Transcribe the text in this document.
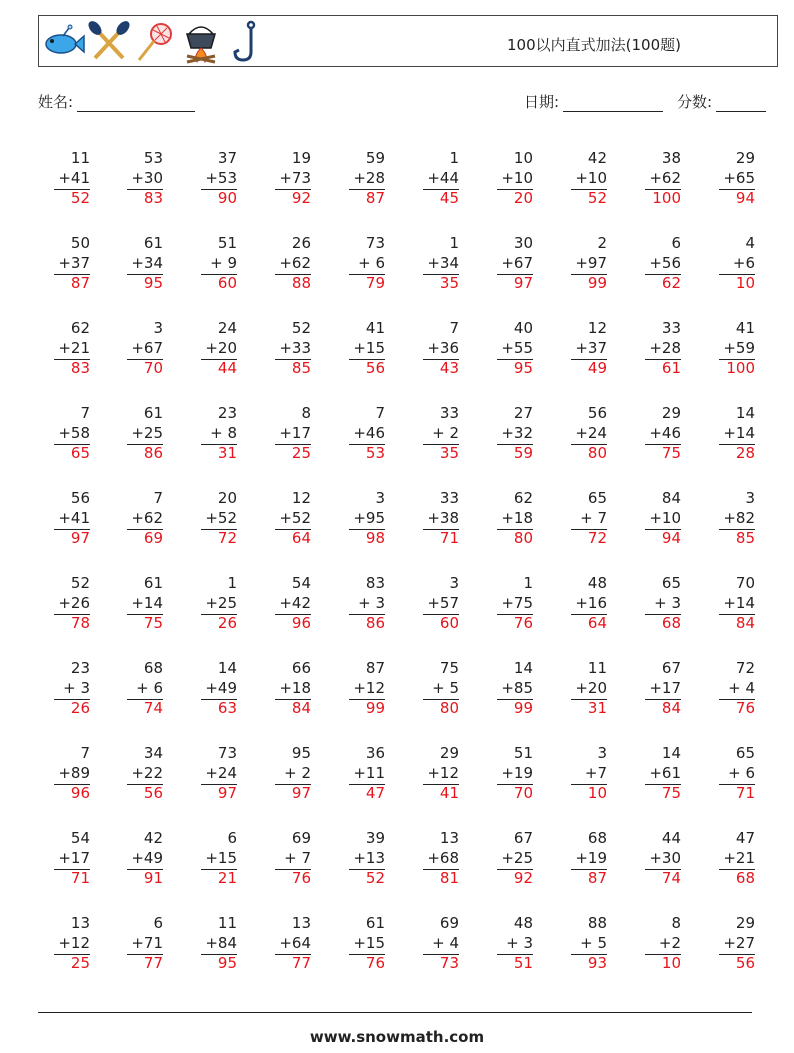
100以内直式加法(100题)
姓名:	日期:	分数:
11
+41
52
53
+30
83
37
+53
90
19
+73
92
59
+28
87
1
+44
45
10
+10
20
42
+10
52
38
+62
100
29
+65
94
50
+37
87
61
+34
95
51
+ 9
60
26
+62
88
73
+ 6
79
1
+34
35
30
+67
97
2
+97
99
6
+56
62
4
+6
10
62
+21
83
3
+67
70
24
+20
44
52
+33
85
41
+15
56
7
+36
43
40
+55
95
12
+37
49
33
+28
61
41
+59
100
7
+58
65
61
+25
86
23
+ 8
31
8
+17
25
7
+46
53
33
+ 2
35
27
+32
59
56
+24
80
29
+46
75
14
+14
28
56
+41
97
7
+62
69
20
+52
72
12
+52
64
3
+95
98
33
+38
71
62
+18
80
65
+ 7
72
84
+10
94
3
+82
85
52
+26
78
61
+14
75
1
+25
26
54
+42
96
83
+ 3
86
3
+57
60
1
+75
76
48
+16
64
65
+ 3
68
70
+14
84
23
+ 3
26
68
+ 6
74
14
+49
63
66
+18
84
87
+12
99
75
+ 5
80
14
+85
99
11
+20
31
67
+17
84
72
+ 4
76
7
+89
96
34
+22
56
73
+24
97
95
+ 2
97
36
+11
47
29
+12
41
51
+19
70
3
+7
10
14
+61
75
65
+ 6
71
54
+17
71
42
+49
91
6
+15
21
69
+ 7
76
39
+13
52
13
+68
81
67
+25
92
68
+19
87
44
+30
74
47
+21
68
13
+12
25
6
+71
77
11
+84
95
13
+64
77
61
+15
76
69
+ 4
73
48
+ 3
51
88
+ 5
93
8
+2
10
29
+27
56
www.snowmath.com
